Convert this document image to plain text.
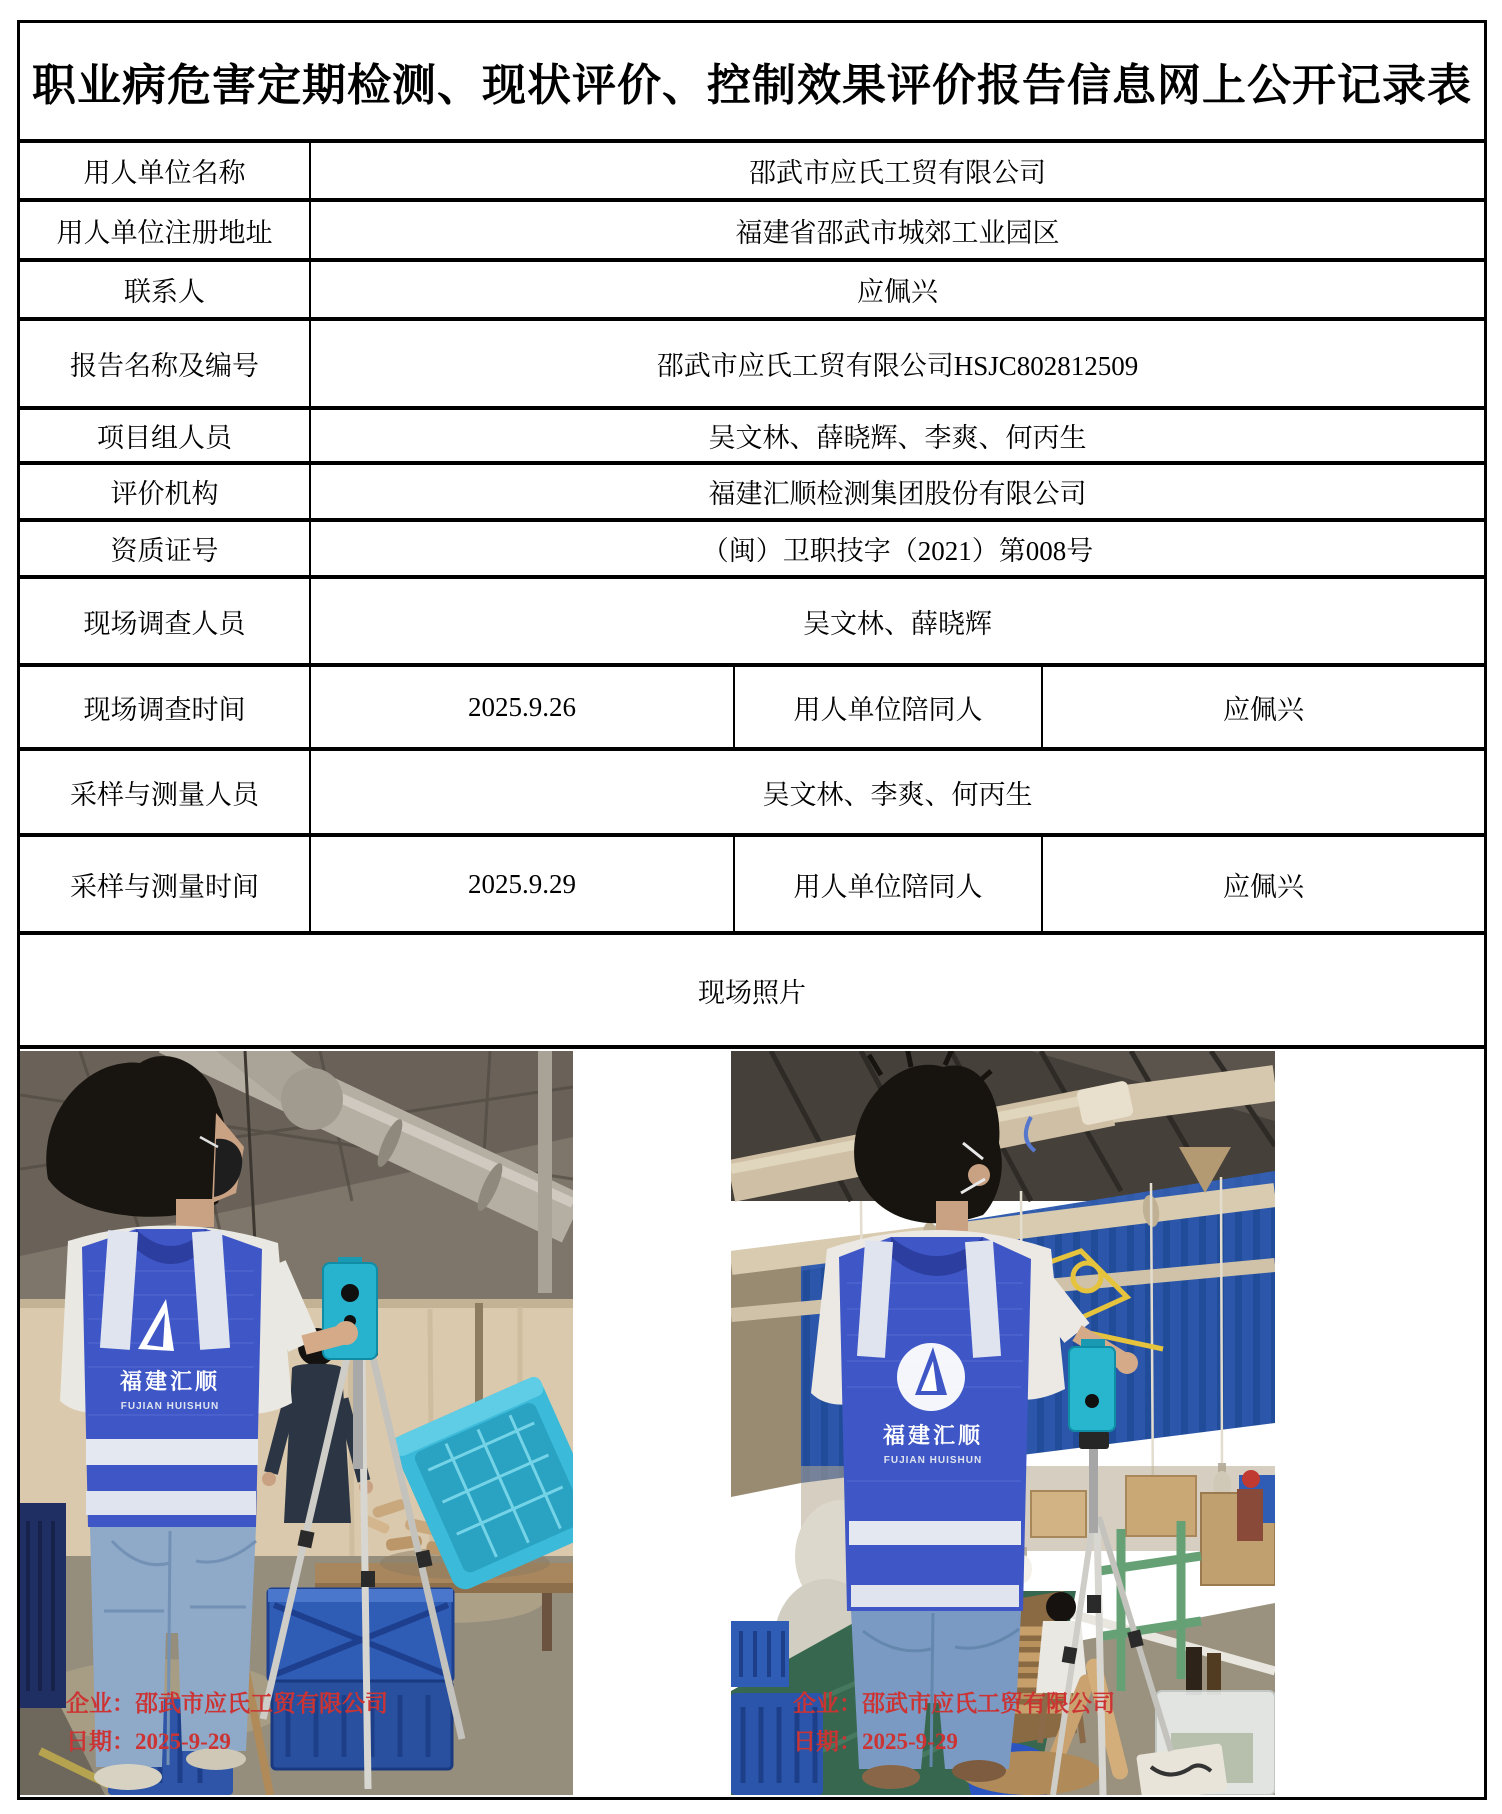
职业病危害定期检测、现状评价、控制效果评价报告信息网上公开记录表
用人单位名称	邵武市应氏工贸有限公司
用人单位注册地址	福建省邵武市城郊工业园区
联系人	应佩兴
报告名称及编号	邵武市应氏工贸有限公司HSJC802812509
项目组人员	吴文林、薛晓辉、李爽、何丙生
评价机构	福建汇顺检测集团股份有限公司
资质证号	（闽）卫职技字（2021）第008号
现场调查人员	吴文林、薛晓辉
现场调查时间	2025.9.26	用人单位陪同人	应佩兴
采样与测量人员	吴文林、李爽、何丙生
采样与测量时间	2025.9.29	用人单位陪同人	应佩兴
现场照片
福建汇顺
FUJIAN HUISHUN
企业：邵武市应氏工贸有限公司
日期：2025-9-29
福建汇顺
FUJIAN HUISHUN
企业：邵武市应氏工贸有限公司
日期：2025-9-29
